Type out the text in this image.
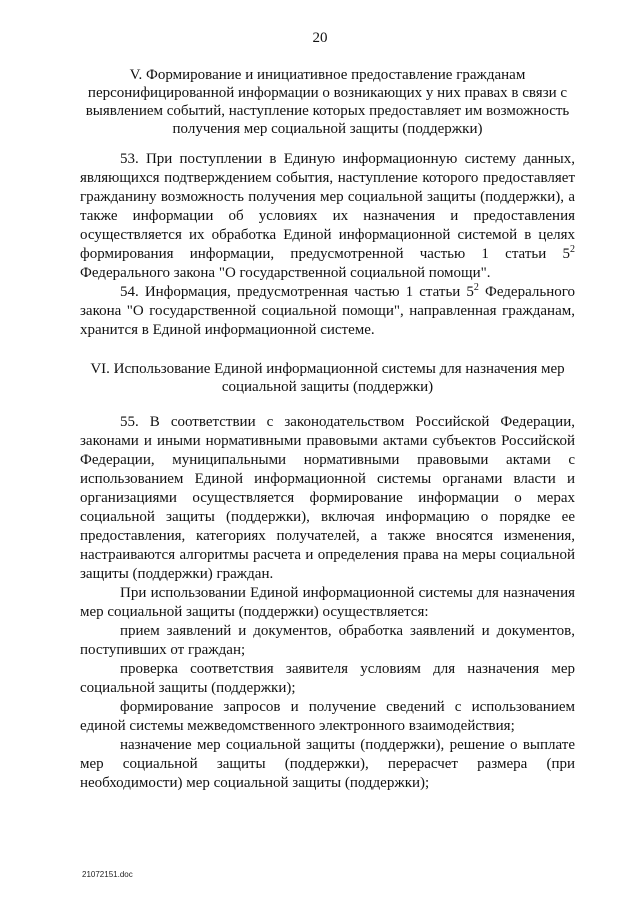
20
V. Формирование и инициативное предоставление гражданам персонифицированной информации о возникающих у них правах в связи с выявлением событий, наступление которых предоставляет им возможность получения мер социальной защиты (поддержки)

53. При поступлении в Единую информационную систему данных, являющихся подтверждением события, наступление которого предоставляет гражданину возможность получения мер социальной защиты (поддержки), а также информации об условиях их назначения и предоставления осуществляется их обработка Единой информационной системой в целях формирования информации, предусмотренной частью 1 статьи $5^2$ Федерального закона "О государственной социальной помощи".

54. Информация, предусмотренная частью 1 статьи $5^2$ Федерального закона "О государственной социальной помощи", направленная гражданам, хранится в Единой информационной системе.

VI. Использование Единой информационной системы для назначения мер социальной защиты (поддержки)

55. В соответствии с законодательством Российской Федерации, законами и иными нормативными правовыми актами субъектов Российской Федерации, муниципальными нормативными правовыми актами с использованием Единой информационной системы органами власти и организациями осуществляется формирование информации о мерах социальной защиты (поддержки), включая информацию о порядке ее предоставления, категориях получателей, а также вносятся изменения, настраиваются алгоритмы расчета и определения права на меры социальной защиты (поддержки) граждан.

При использовании Единой информационной системы для назначения мер социальной защиты (поддержки) осуществляется:

прием заявлений и документов, обработка заявлений и документов, поступивших от граждан;

проверка соответствия заявителя условиям для назначения мер социальной защиты (поддержки);

формирование запросов и получение сведений с использованием единой системы межведомственного электронного взаимодействия;

назначение мер социальной защиты (поддержки), решение о выплате мер социальной защиты (поддержки), перерасчет размера (при необходимости) мер социальной защиты (поддержки);

21072151.doc
